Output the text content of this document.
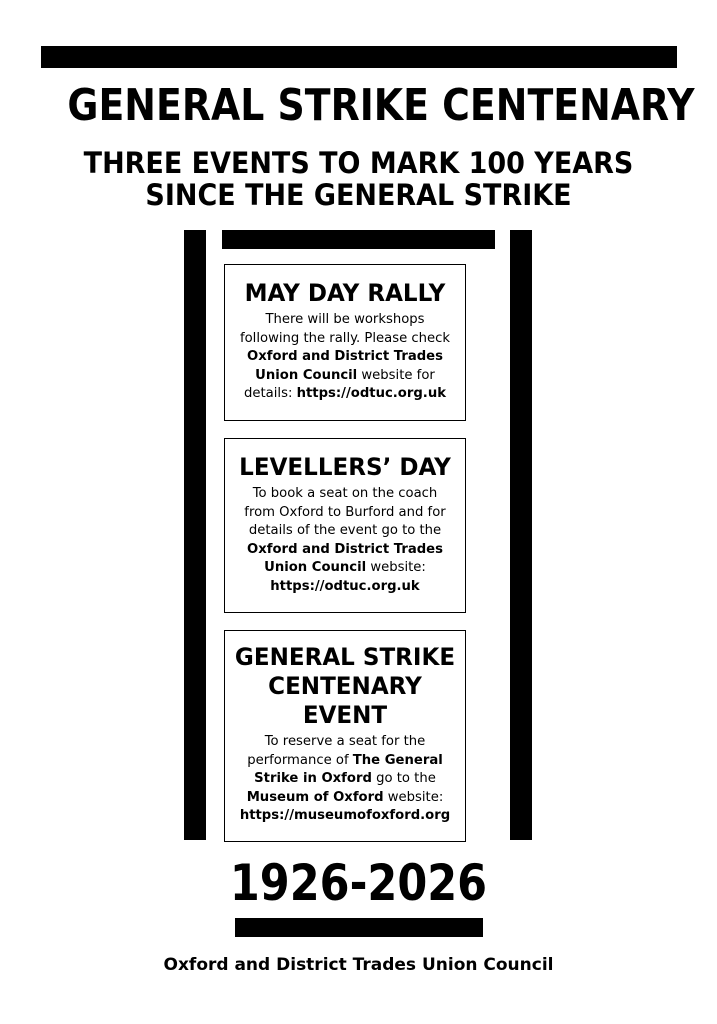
GENERAL STRIKE CENTENARY
THREE EVENTS TO MARK 100 YEARS
SINCE THE GENERAL STRIKE
MAY DAY RALLY
There will be workshops
following the rally. Please check
Oxford and District Trades
Union Council website for
details: https://odtuc.org.uk
LEVELLERS’ DAY
To book a seat on the coach
from Oxford to Burford and for
details of the event go to the
Oxford and District Trades
Union Council website:
https://odtuc.org.uk
GENERAL STRIKE
CENTENARY
EVENT
To reserve a seat for the
performance of The General
Strike in Oxford go to the
Museum of Oxford website:
https://museumofoxford.org
1926-2026
Oxford and District Trades Union Council
